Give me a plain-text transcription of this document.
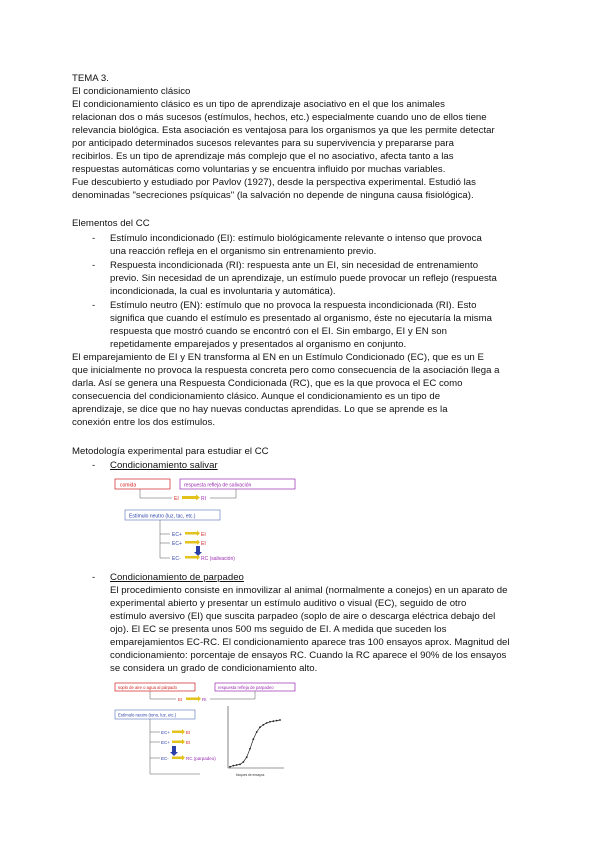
TEMA 3.
El condicionamiento clásico
El condicionamiento clásico es un tipo de aprendizaje asociativo en el que los animales
relacionan dos o más sucesos (estímulos, hechos, etc.) especialmente cuando uno de ellos tiene
relevancia biológica. Esta asociación es ventajosa para los organismos ya que les permite detectar
por anticipado determinados sucesos relevantes para su supervivencia y prepararse para
recibirlos. Es un tipo de aprendizaje más complejo que el no asociativo, afecta tanto a las
respuestas automáticas como voluntarias y se encuentra influido por muchas variables.
Fue descubierto y estudiado por Pavlov (1927), desde la perspectiva experimental. Estudió las
denominadas "secreciones psíquicas" (la salvación no depende de ninguna causa fisiológica).
Elementos del CC
- Estímulo incondicionado (EI): estímulo biológicamente relevante o intenso que provoca
una reacción refleja en el organismo sin entrenamiento previo.
- Respuesta incondicionada (RI): respuesta ante un EI, sin necesidad de entrenamiento
previo. Sin necesidad de un aprendizaje, un estímulo puede provocar un reflejo (respuesta
incondicionada, la cual es involuntaria y automática).
- Estímulo neutro (EN): estímulo que no provoca la respuesta incondicionada (RI). Esto
significa que cuando el estímulo es presentado al organismo, éste no ejecutaría la misma
respuesta que mostró cuando se encontró con el EI. Sin embargo, EI y EN son
repetidamente emparejados y presentados al organismo en conjunto.
El emparejamiento de EI y EN transforma al EN en un Estímulo Condicionado (EC), que es un E
que inicialmente no provoca la respuesta concreta pero como consecuencia de la asociación llega a
darla. Así se genera una Respuesta Condicionada (RC), que es la que provoca el EC como
consecuencia del condicionamiento clásico. Aunque el condicionamiento es un tipo de
aprendizaje, se dice que no hay nuevas conductas aprendidas. Lo que se aprende es la
conexión entre los dos estímulos.
Metodología experimental para estudiar el CC
- Condicionamiento salivar
comida	respuesta refleja de salivación
EI	RI
Estímulo neutro (luz, tac, etc.)
EC+	EI
EC+	EI
EC-	RC (salivación)
- Condicionamiento de parpadeo
El procedimiento consiste en inmovilizar al animal (normalmente a conejos) en un aparato de
experimental abierto y presentar un estímulo auditivo o visual (EC), seguido de otro
estímulo aversivo (EI) que suscita parpadeo (soplo de aire o descarga eléctrica debajo del
ojo). El EC se presenta unos 500 ms seguido de EI. A medida que suceden los
emparejamientos EC-RC. El condicionamiento aparece tras 100 ensayos aprox. Magnitud del
condicionamiento: porcentaje de ensayos RC. Cuando la RC aparece el 90% de los ensayos
se considera un grado de condicionamiento alto.
soplo de aire o agua al párpado	respuesta refleja de parpadeo
EI	RI
Estímulo neutro (tono, luz, etc.)
EC+	EI
EC+	EI
EC-	RC (parpadeo)
bloques de ensayos
